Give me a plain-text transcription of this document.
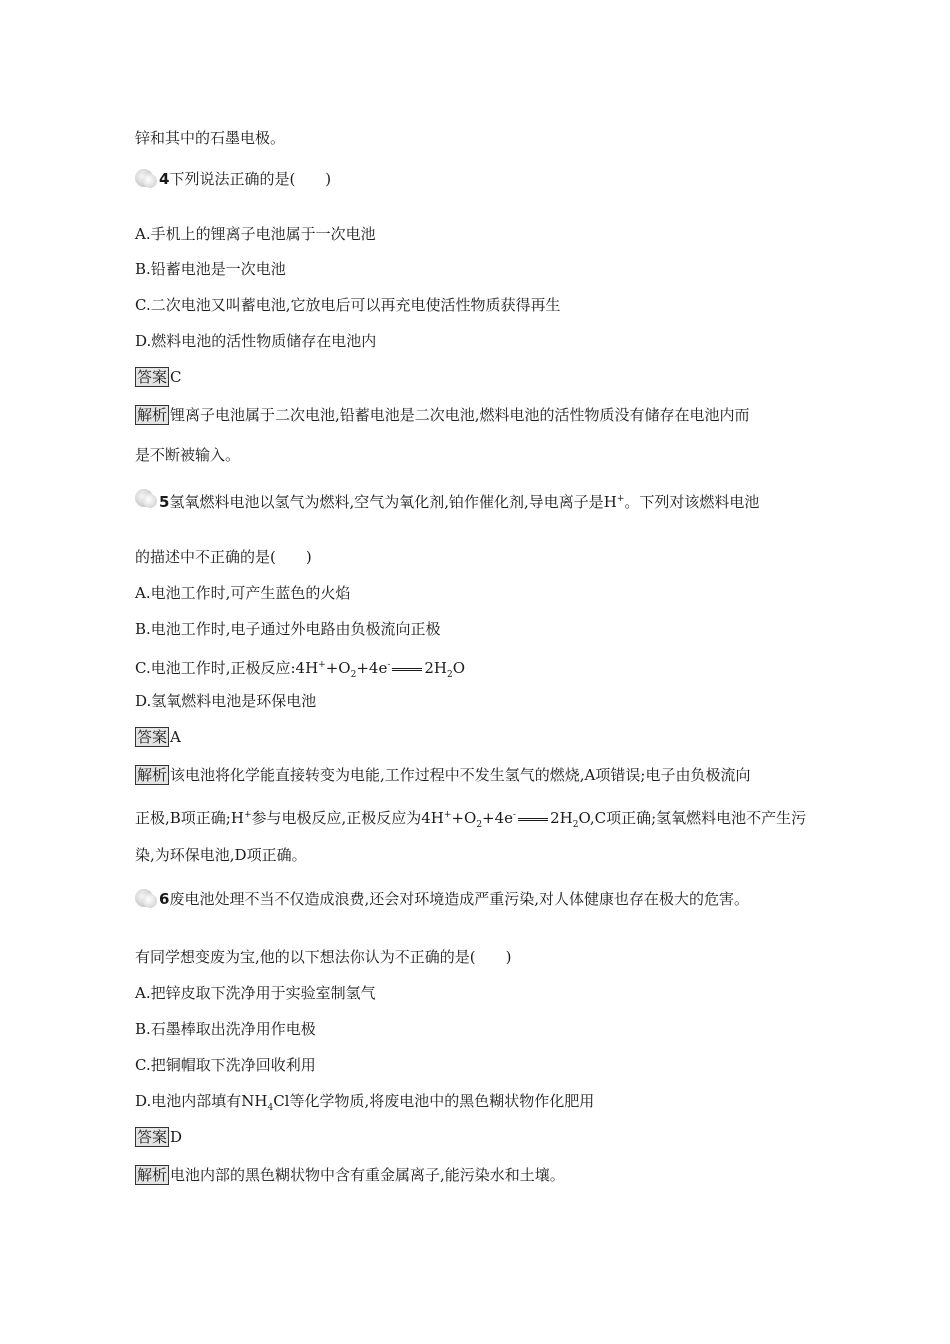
锌和其中的石墨电极。
4下列说法正确的是(　　)
A.手机上的锂离子电池属于一次电池
B.铅蓄电池是一次电池
C.二次电池又叫蓄电池,它放电后可以再充电使活性物质获得再生
D.燃料电池的活性物质储存在电池内
答案 C
解析 锂离子电池属于二次电池,铅蓄电池是二次电池,燃料电池的活性物质没有储存在电池内而
是不断被输入。
5氢氧燃料电池以氢气为燃料,空气为氧化剂,铂作催化剂,导电离子是H+。下列对该燃料电池
的描述中不正确的是(　　)
A.电池工作时,可产生蓝色的火焰
B.电池工作时,电子通过外电路由负极流向正极
C.电池工作时,正极反应$:4H^++O_2+4e^-$ $2H_2O$
D.氢氧燃料电池是环保电池
答案 A
解析 该电池将化学能直接转变为电能,工作过程中不发生氢气的燃烧,A项错误;电子由负极流向
正极,B项正确;H+参与电极反应,正极反应为$4H^++O_2+4e^-$ $2H_2O,C$项正确;氢氧燃料电池不产生污
染,为环保电池,D项正确。
6废电池处理不当不仅造成浪费,还会对环境造成严重污染,对人体健康也存在极大的危害。
有同学想变废为宝,他的以下想法你认为不正确的是(　　)
A.把锌皮取下洗净用于实验室制氢气
B.石墨棒取出洗净用作电极
C.把铜帽取下洗净回收利用
D.电池内部填有$NH_4Cl$等化学物质,将废电池中的黑色糊状物作化肥用
答案 D
解析 电池内部的黑色糊状物中含有重金属离子,能污染水和土壤。
